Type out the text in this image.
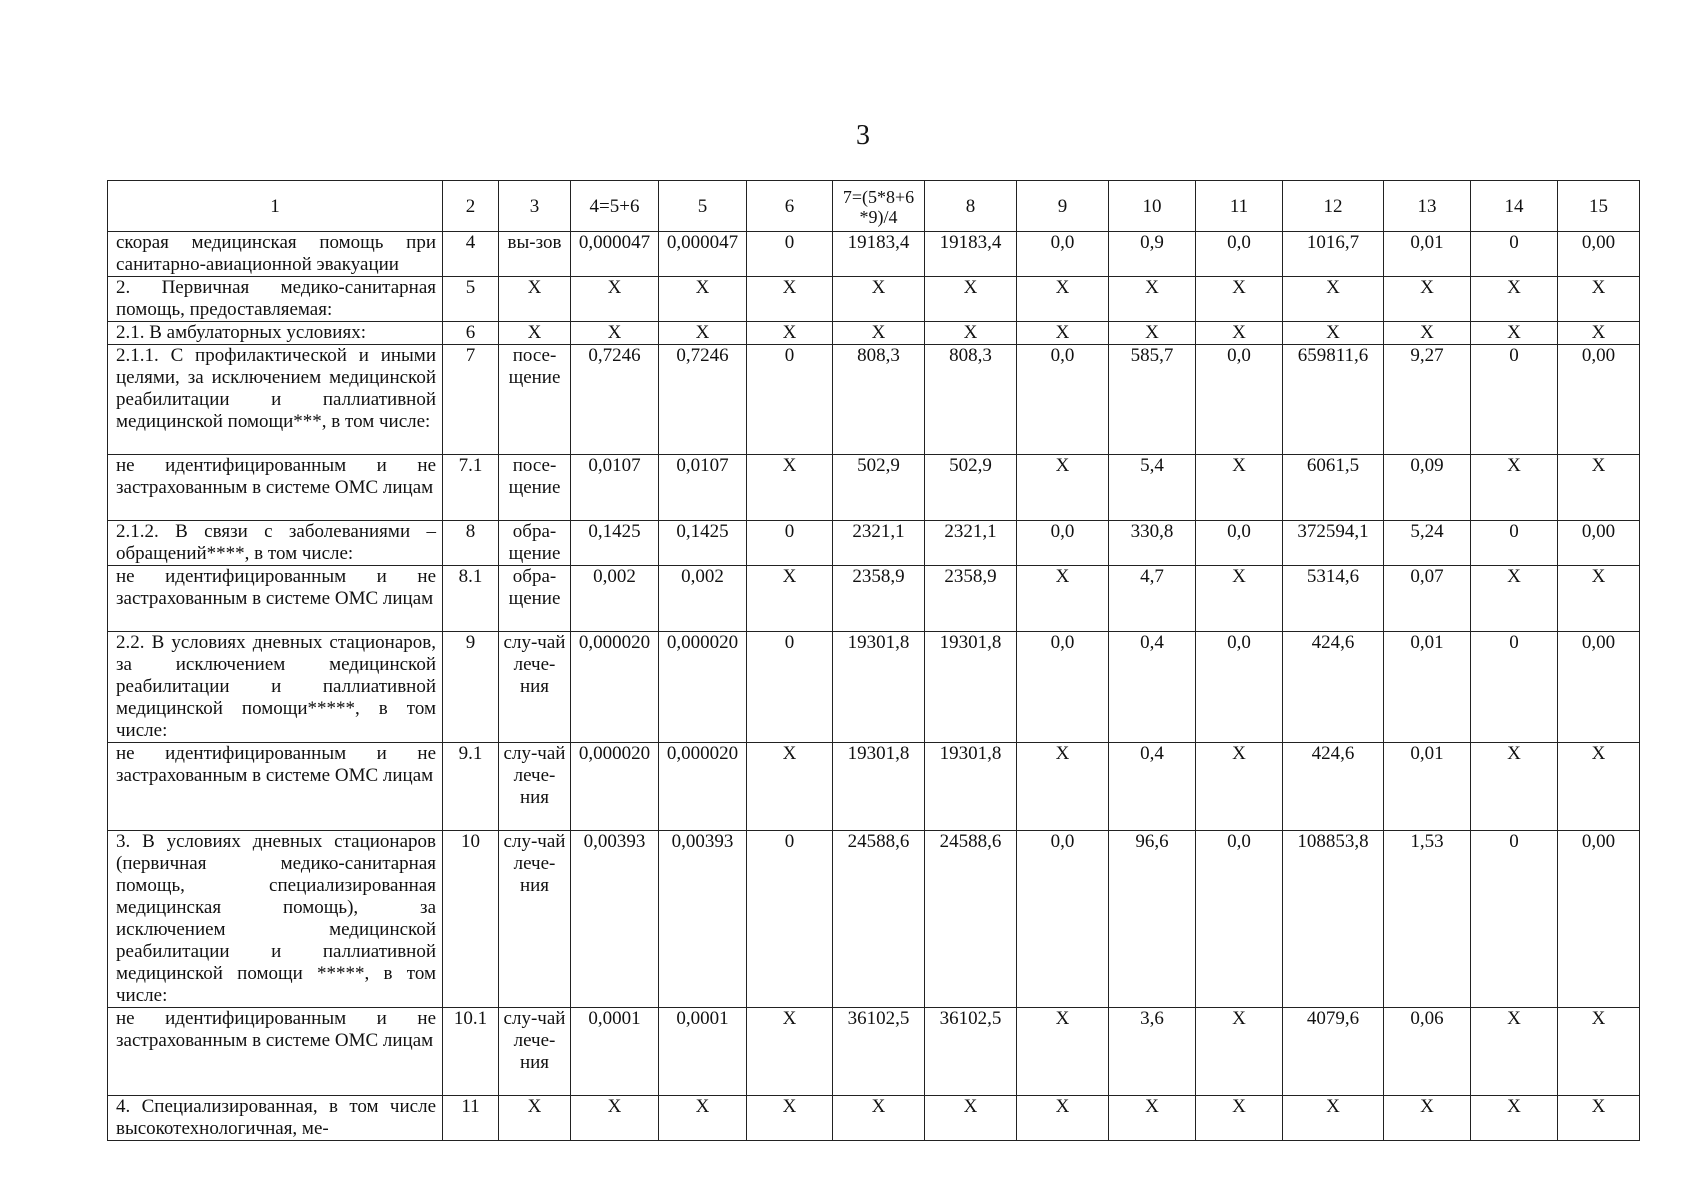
3
1	2	3	4=5+6	5	6	7=(5*8+6 *9)/4	8	9	10	11	12	13	14	15
скорая медицинская помощь при санитарно-авиационной эвакуации	4	вы-зов	0,000047	0,000047	0	19183,4	19183,4	0,0	0,9	0,0	1016,7	0,01	0	0,00
2. Первичная медико-санитарная помощь, предоставляемая:	5	X	X	X	X	X	X	X	X	X	X	X	X	X
2.1. В амбулаторных условиях:	6	X	X	X	X	X	X	X	X	X	X	X	X	X
2.1.1. С профилактической и иными целями, за исключением медицинской реабилитации и паллиативной медицинской помощи***, в том числе:	7	посе-щение	0,7246	0,7246	0	808,3	808,3	0,0	585,7	0,0	659811,6	9,27	0	0,00
не идентифицированным и не застрахованным в системе ОМС лицам	7.1	посе-щение	0,0107	0,0107	X	502,9	502,9	X	5,4	X	6061,5	0,09	X	X
2.1.2. В связи с заболеваниями – обращений****, в том числе:	8	обра-щение	0,1425	0,1425	0	2321,1	2321,1	0,0	330,8	0,0	372594,1	5,24	0	0,00
не идентифицированным и не застрахованным в системе ОМС лицам	8.1	обра-щение	0,002	0,002	X	2358,9	2358,9	X	4,7	X	5314,6	0,07	X	X
2.2. В условиях дневных стационаров, за исключением медицинской реабилитации и паллиативной медицинской помощи*****, в том числе:	9	слу-чай лече-ния	0,000020	0,000020	0	19301,8	19301,8	0,0	0,4	0,0	424,6	0,01	0	0,00
не идентифицированным и не застрахованным в системе ОМС лицам	9.1	слу-чай лече-ния	0,000020	0,000020	X	19301,8	19301,8	X	0,4	X	424,6	0,01	X	X
3. В условиях дневных стационаров (первичная медико-санитарная помощь, специализированная медицинская помощь), за исключением медицинской реабилитации и паллиативной медицинской помощи *****, в том числе:	10	слу-чай лече-ния	0,00393	0,00393	0	24588,6	24588,6	0,0	96,6	0,0	108853,8	1,53	0	0,00
не идентифицированным и не застрахованным в системе ОМС лицам	10.1	слу-чай лече-ния	0,0001	0,0001	X	36102,5	36102,5	X	3,6	X	4079,6	0,06	X	X
4. Специализированная, в том числе высокотехнологичная, ме-	11	X	X	X	X	X	X	X	X	X	X	X	X	X
